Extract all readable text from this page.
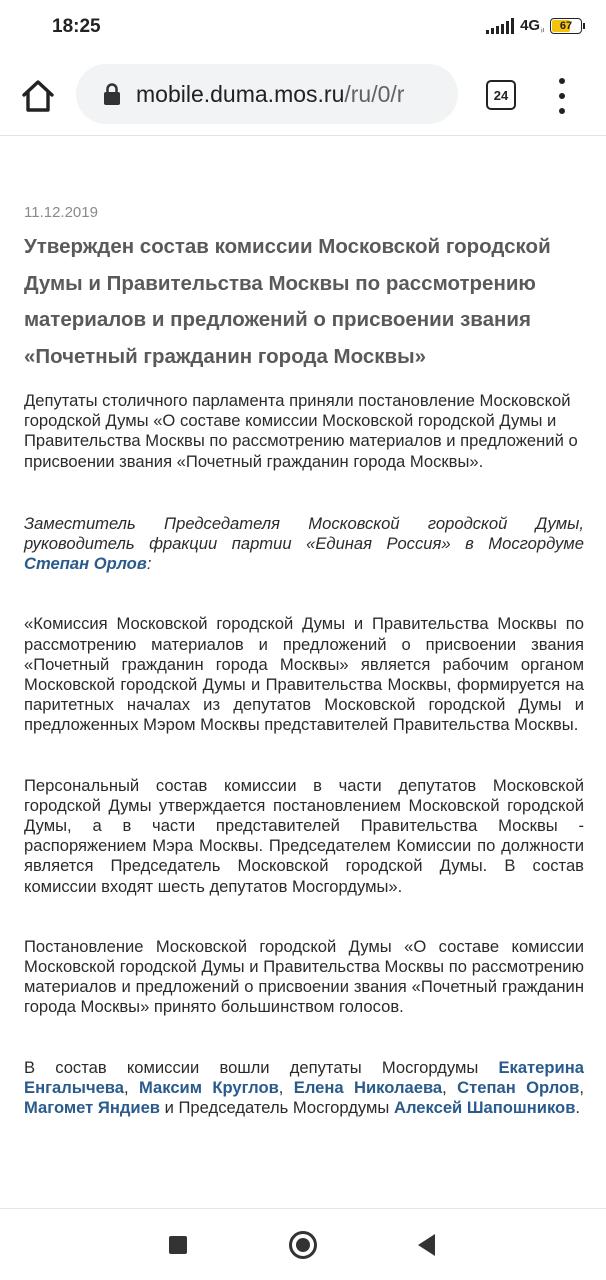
18:25	4G ᵢₗ	67
mobile.duma.mos.ru/ru/0/r	24
11.12.2019
Утвержден состав комиссии Московской городской Думы и Правительства Москвы по рассмотрению материалов и предложений о присвоении звания «Почетный гражданин города Москвы»

Депутаты столичного парламента приняли постановление Московской городской Думы «О составе комиссии Московской городской Думы и Правительства Москвы по рассмотрению материалов и предложений о присвоении звания «Почетный гражданин города Москвы».

Заместитель Председателя Московской городской Думы, руководитель фракции партии «Единая Россия» в Мосгордуме Степан Орлов:

«Комиссия Московской городской Думы и Правительства Москвы по рассмотрению материалов и предложений о присвоении звания «Почетный гражданин города Москвы» является рабочим органом Московской городской Думы и Правительства Москвы, формируется на паритетных началах из депутатов Московской городской Думы и предложенных Мэром Москвы представителей Правительства Москвы.

Персональный состав комиссии в части депутатов Московской городской Думы утверждается постановлением Московской городской Думы, а в части представителей Правительства Москвы - распоряжением Мэра Москвы. Председателем Комиссии по должности является Председатель Московской городской Думы. В состав комиссии входят шесть депутатов Мосгордумы».

Постановление Московской городской Думы «О составе комиссии Московской городской Думы и Правительства Москвы по рассмотрению материалов и предложений о присвоении звания «Почетный гражданин города Москвы» принято большинством голосов.

В состав комиссии вошли депутаты Мосгордумы Екатерина Енгалычева, Максим Круглов, Елена Николаева, Степан Орлов, Магомет Яндиев и Председатель Мосгордумы Алексей Шапошников.
